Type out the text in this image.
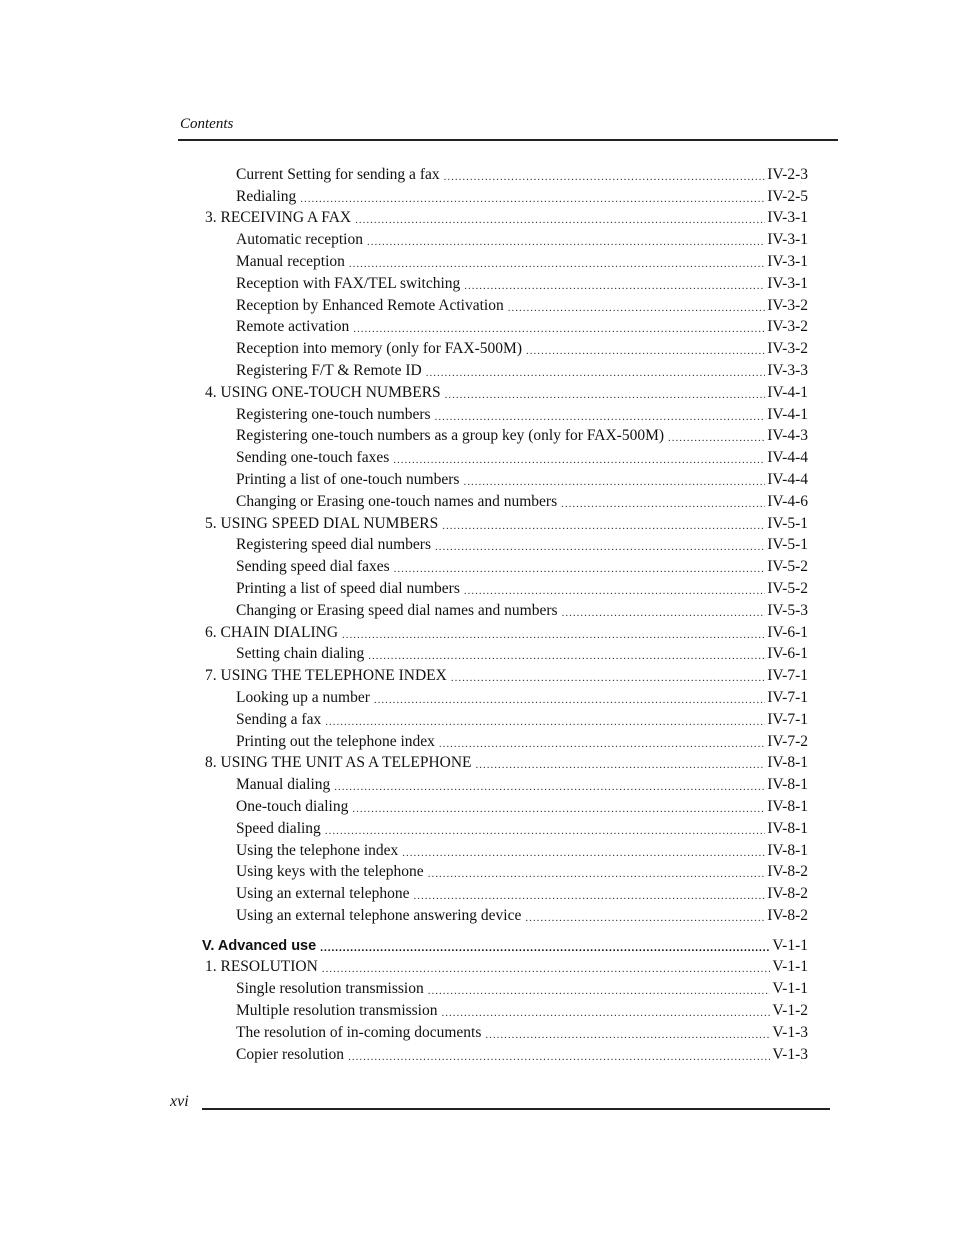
Contents
Current Setting for sending a fax .....	IV-2-3
Redialing .....	IV-2-5
3. RECEIVING A FAX .....	IV-3-1
Automatic reception .....	IV-3-1
Manual reception .....	IV-3-1
Reception with FAX/TEL switching .....	IV-3-1
Reception by Enhanced Remote Activation .....	IV-3-2
Remote activation .....	IV-3-2
Reception into memory (only for FAX-500M) .....	IV-3-2
Registering F/T & Remote ID .....	IV-3-3
4. USING ONE-TOUCH NUMBERS .....	IV-4-1
Registering one-touch numbers .....	IV-4-1
Registering one-touch numbers as a group key (only for FAX-500M) .....	IV-4-3
Sending one-touch faxes .....	IV-4-4
Printing a list of one-touch numbers .....	IV-4-4
Changing or Erasing one-touch names and numbers .....	IV-4-6
5. USING SPEED DIAL NUMBERS .....	IV-5-1
Registering speed dial numbers .....	IV-5-1
Sending speed dial faxes .....	IV-5-2
Printing a list of speed dial numbers .....	IV-5-2
Changing or Erasing speed dial names and numbers .....	IV-5-3
6. CHAIN DIALING .....	IV-6-1
Setting chain dialing .....	IV-6-1
7. USING THE TELEPHONE INDEX .....	IV-7-1
Looking up a number .....	IV-7-1
Sending a fax .....	IV-7-1
Printing out the telephone index .....	IV-7-2
8. USING THE UNIT AS A TELEPHONE .....	IV-8-1
Manual dialing .....	IV-8-1
One-touch dialing .....	IV-8-1
Speed dialing .....	IV-8-1
Using the telephone index .....	IV-8-1
Using keys with the telephone .....	IV-8-2
Using an external telephone .....	IV-8-2
Using an external telephone answering device .....	IV-8-2
V. Advanced use .....	V-1-1
1. RESOLUTION .....	V-1-1
Single resolution transmission .....	V-1-1
Multiple resolution transmission .....	V-1-2
The resolution of in-coming documents .....	V-1-3
Copier resolution .....	V-1-3
xvi
